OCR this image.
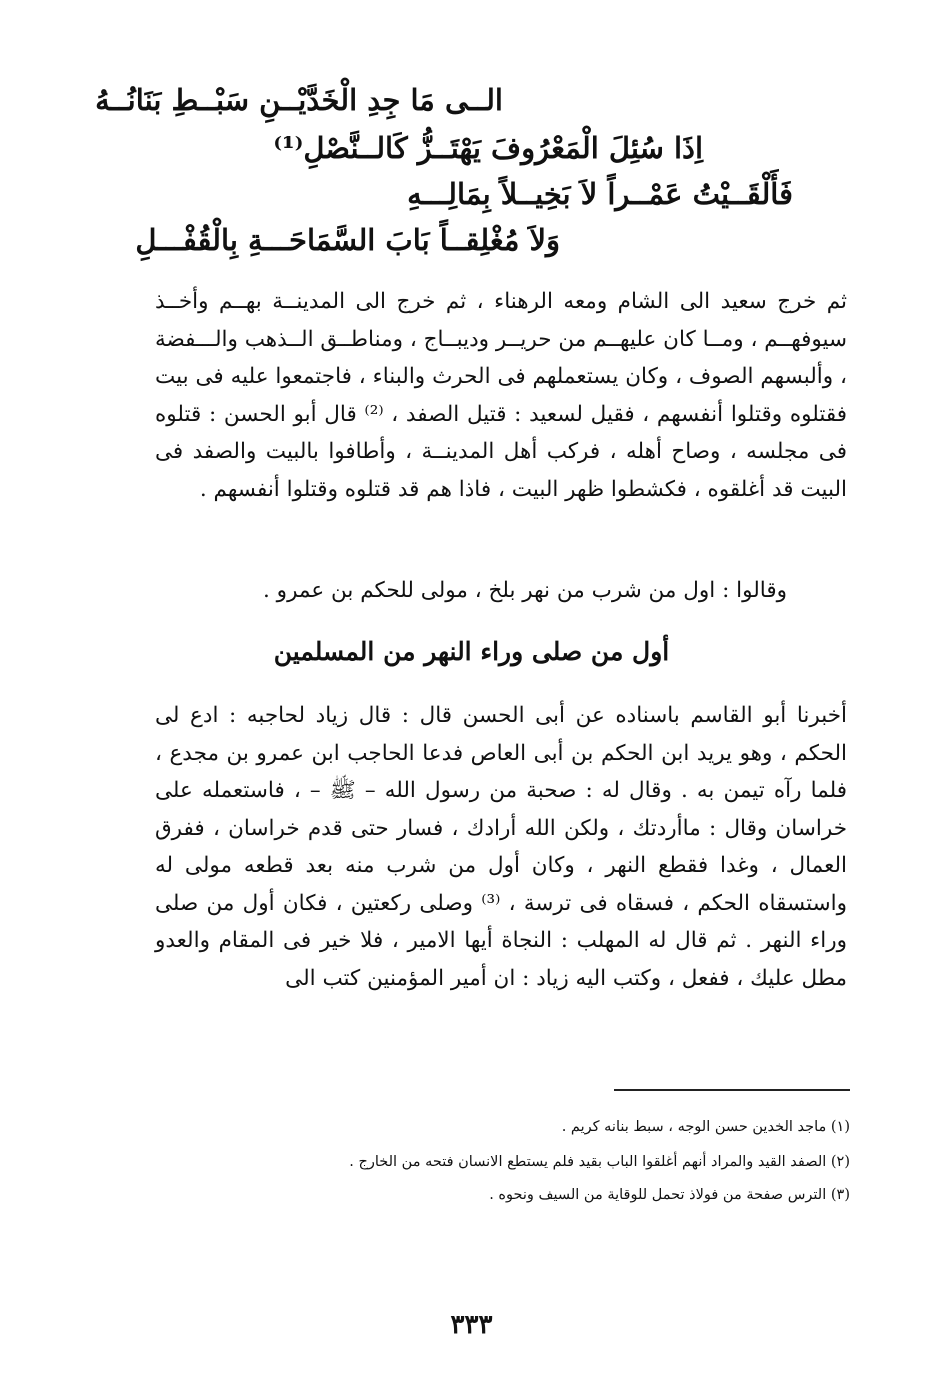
الــى مَا جِدِ الْخَدَّيْــنِ سَبْــطِ بَنَانُــهُ
اِذَا سُئِلَ الْمَعْرُوفَ يَهْتَــزُّ كَالــنَّصْلِ⁽¹⁾
فَأَلْقَــيْتُ عَمْــراً لاَ بَخِيــلاً بِمَالِـــهِ
وَلاَ مُغْلِقــاً بَابَ السَّمَاحَـــةِ بِالْقُفْـــلِ
ثم خرج سعيد الى الشام ومعه الرهناء ، ثم خرج الى المدينــة بهــم وأخــذ سيوفهــم ، ومــا كان عليهــم من حريــر وديبــاج ، ومناطــق الــذهب والـــفضة ، وألبسهم الصوف ، وكان يستعملهم فى الحرث والبناء ، فاجتمعوا عليه فى بيت فقتلوه وقتلوا أنفسهم ، فقيل لسعيد : قتيل الصفد ، ⁽²⁾ قال أبو الحسن : قتلوه فى مجلسه ، وصاح أهله ، فركب أهل المدينــة ، وأطافوا بالبيت والصفد فى البيت قد أغلقوه ، فكشطوا ظهر البيت ، فاذا هم قد قتلوه وقتلوا أنفسهم .
وقالوا : اول من شرب من نهر بلخ ، مولى للحكم بن عمرو .
أول من صلى وراء النهر من المسلمين
أخبرنا أبو القاسم باسناده عن أبى الحسن قال : قال زياد لحاجبه : ادع لى الحكم ، وهو يريد ابن الحكم بن أبى العاص فدعا الحاجب ابن عمرو بن مجدع ، فلما رآه تيمن به . وقال له : صحبة من رسول الله – ﷺ – ، فاستعمله على خراسان وقال : ماأردتك ، ولكن الله أرادك ، فسار حتى قدم خراسان ، ففرق العمال ، وغدا فقطع النهر ، وكان أول من شرب منه بعد قطعه مولى له واستسقاه الحكم ، فسقاه فى ترسة ، ⁽³⁾ وصلى ركعتين ، فكان أول من صلى وراء النهر . ثم قال له المهلب : النجاة أيها الامير ، فلا خير فى المقام والعدو مطل عليك ، ففعل ، وكتب اليه زياد : ان أمير المؤمنين كتب الى
(١) ماجد الخدين حسن الوجه ، سبط بنانه كريم .
(٢) الصفد القيد والمراد أنهم أغلقوا الباب بقيد فلم يستطع الانسان فتحه من الخارج .
(٣) الترس صفحة من فولاذ تحمل للوقاية من السيف ونحوه .
٣٣٣
